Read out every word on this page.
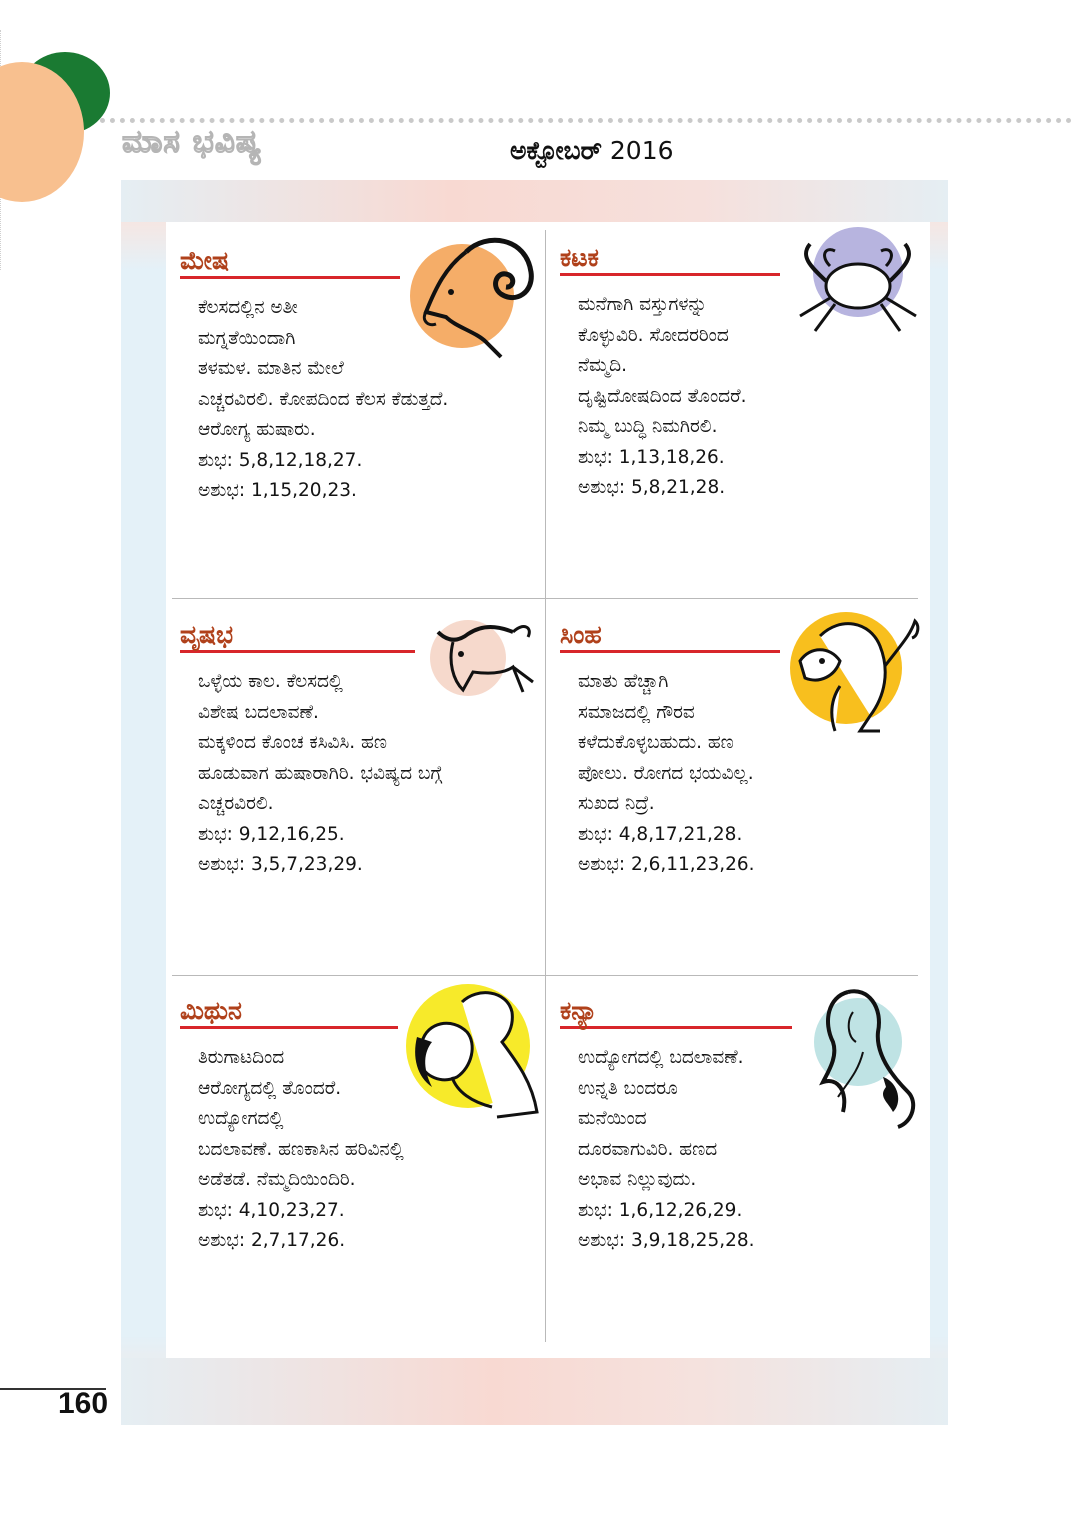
ಮಾಸ ಭವಿಷ್ಯ	ಅಕ್ಟೋಬರ್ 2016
ಮೇಷ

ಕೆಲಸದಲ್ಲಿನ ಅತೀ

ಮಗ್ನತೆಯಿಂದಾಗಿ

ತಳಮಳ. ಮಾತಿನ ಮೇಲೆ

ಎಚ್ಚರವಿರಲಿ. ಕೋಪದಿಂದ ಕೆಲಸ ಕೆಡುತ್ತದೆ.

ಆರೋಗ್ಯ ಹುಷಾರು.

ಶುಭ: 5,8,12,18,27.

ಅಶುಭ: 1,15,20,23.

ಕಟಕ

ಮನೆಗಾಗಿ ವಸ್ತುಗಳನ್ನು

ಕೊಳ್ಳುವಿರಿ. ಸೋದರರಿಂದ

ನೆಮ್ಮದಿ.

ದೃಷ್ಟಿದೋಷದಿಂದ ತೊಂದರೆ.

ನಿಮ್ಮ ಬುದ್ಧಿ ನಿಮಗಿರಲಿ.

ಶುಭ: 1,13,18,26.

ಅಶುಭ: 5,8,21,28.

ವೃಷಭ

ಒಳ್ಳೆಯ ಕಾಲ. ಕೆಲಸದಲ್ಲಿ

ವಿಶೇಷ ಬದಲಾವಣೆ.

ಮಕ್ಕಳಿಂದ ಕೊಂಚ ಕಸಿವಿಸಿ. ಹಣ

ಹೂಡುವಾಗ ಹುಷಾರಾಗಿರಿ. ಭವಿಷ್ಯದ ಬಗ್ಗೆ

ಎಚ್ಚರವಿರಲಿ.

ಶುಭ: 9,12,16,25.

ಅಶುಭ: 3,5,7,23,29.

ಸಿಂಹ

ಮಾತು ಹೆಚ್ಚಾಗಿ

ಸಮಾಜದಲ್ಲಿ ಗೌರವ

ಕಳೆದುಕೊಳ್ಳಬಹುದು. ಹಣ

ಪೋಲು. ರೋಗದ ಭಯವಿಲ್ಲ.

ಸುಖದ ನಿದ್ರೆ.

ಶುಭ: 4,8,17,21,28.

ಅಶುಭ: 2,6,11,23,26.

ಮಿಥುನ

ತಿರುಗಾಟದಿಂದ

ಆರೋಗ್ಯದಲ್ಲಿ ತೊಂದರೆ.

ಉದ್ಯೋಗದಲ್ಲಿ

ಬದಲಾವಣೆ. ಹಣಕಾಸಿನ ಹರಿವಿನಲ್ಲಿ

ಅಡೆತಡೆ. ನೆಮ್ಮದಿಯಿಂದಿರಿ.

ಶುಭ: 4,10,23,27.

ಅಶುಭ: 2,7,17,26.

ಕನ್ಯಾ

ಉದ್ಯೋಗದಲ್ಲಿ ಬದಲಾವಣೆ.

ಉನ್ನತಿ ಬಂದರೂ

ಮನೆಯಿಂದ

ದೂರವಾಗುವಿರಿ. ಹಣದ

ಅಭಾವ ನಿಲ್ಲುವುದು.

ಶುಭ: 1,6,12,26,29.

ಅಶುಭ: 3,9,18,25,28.

160
